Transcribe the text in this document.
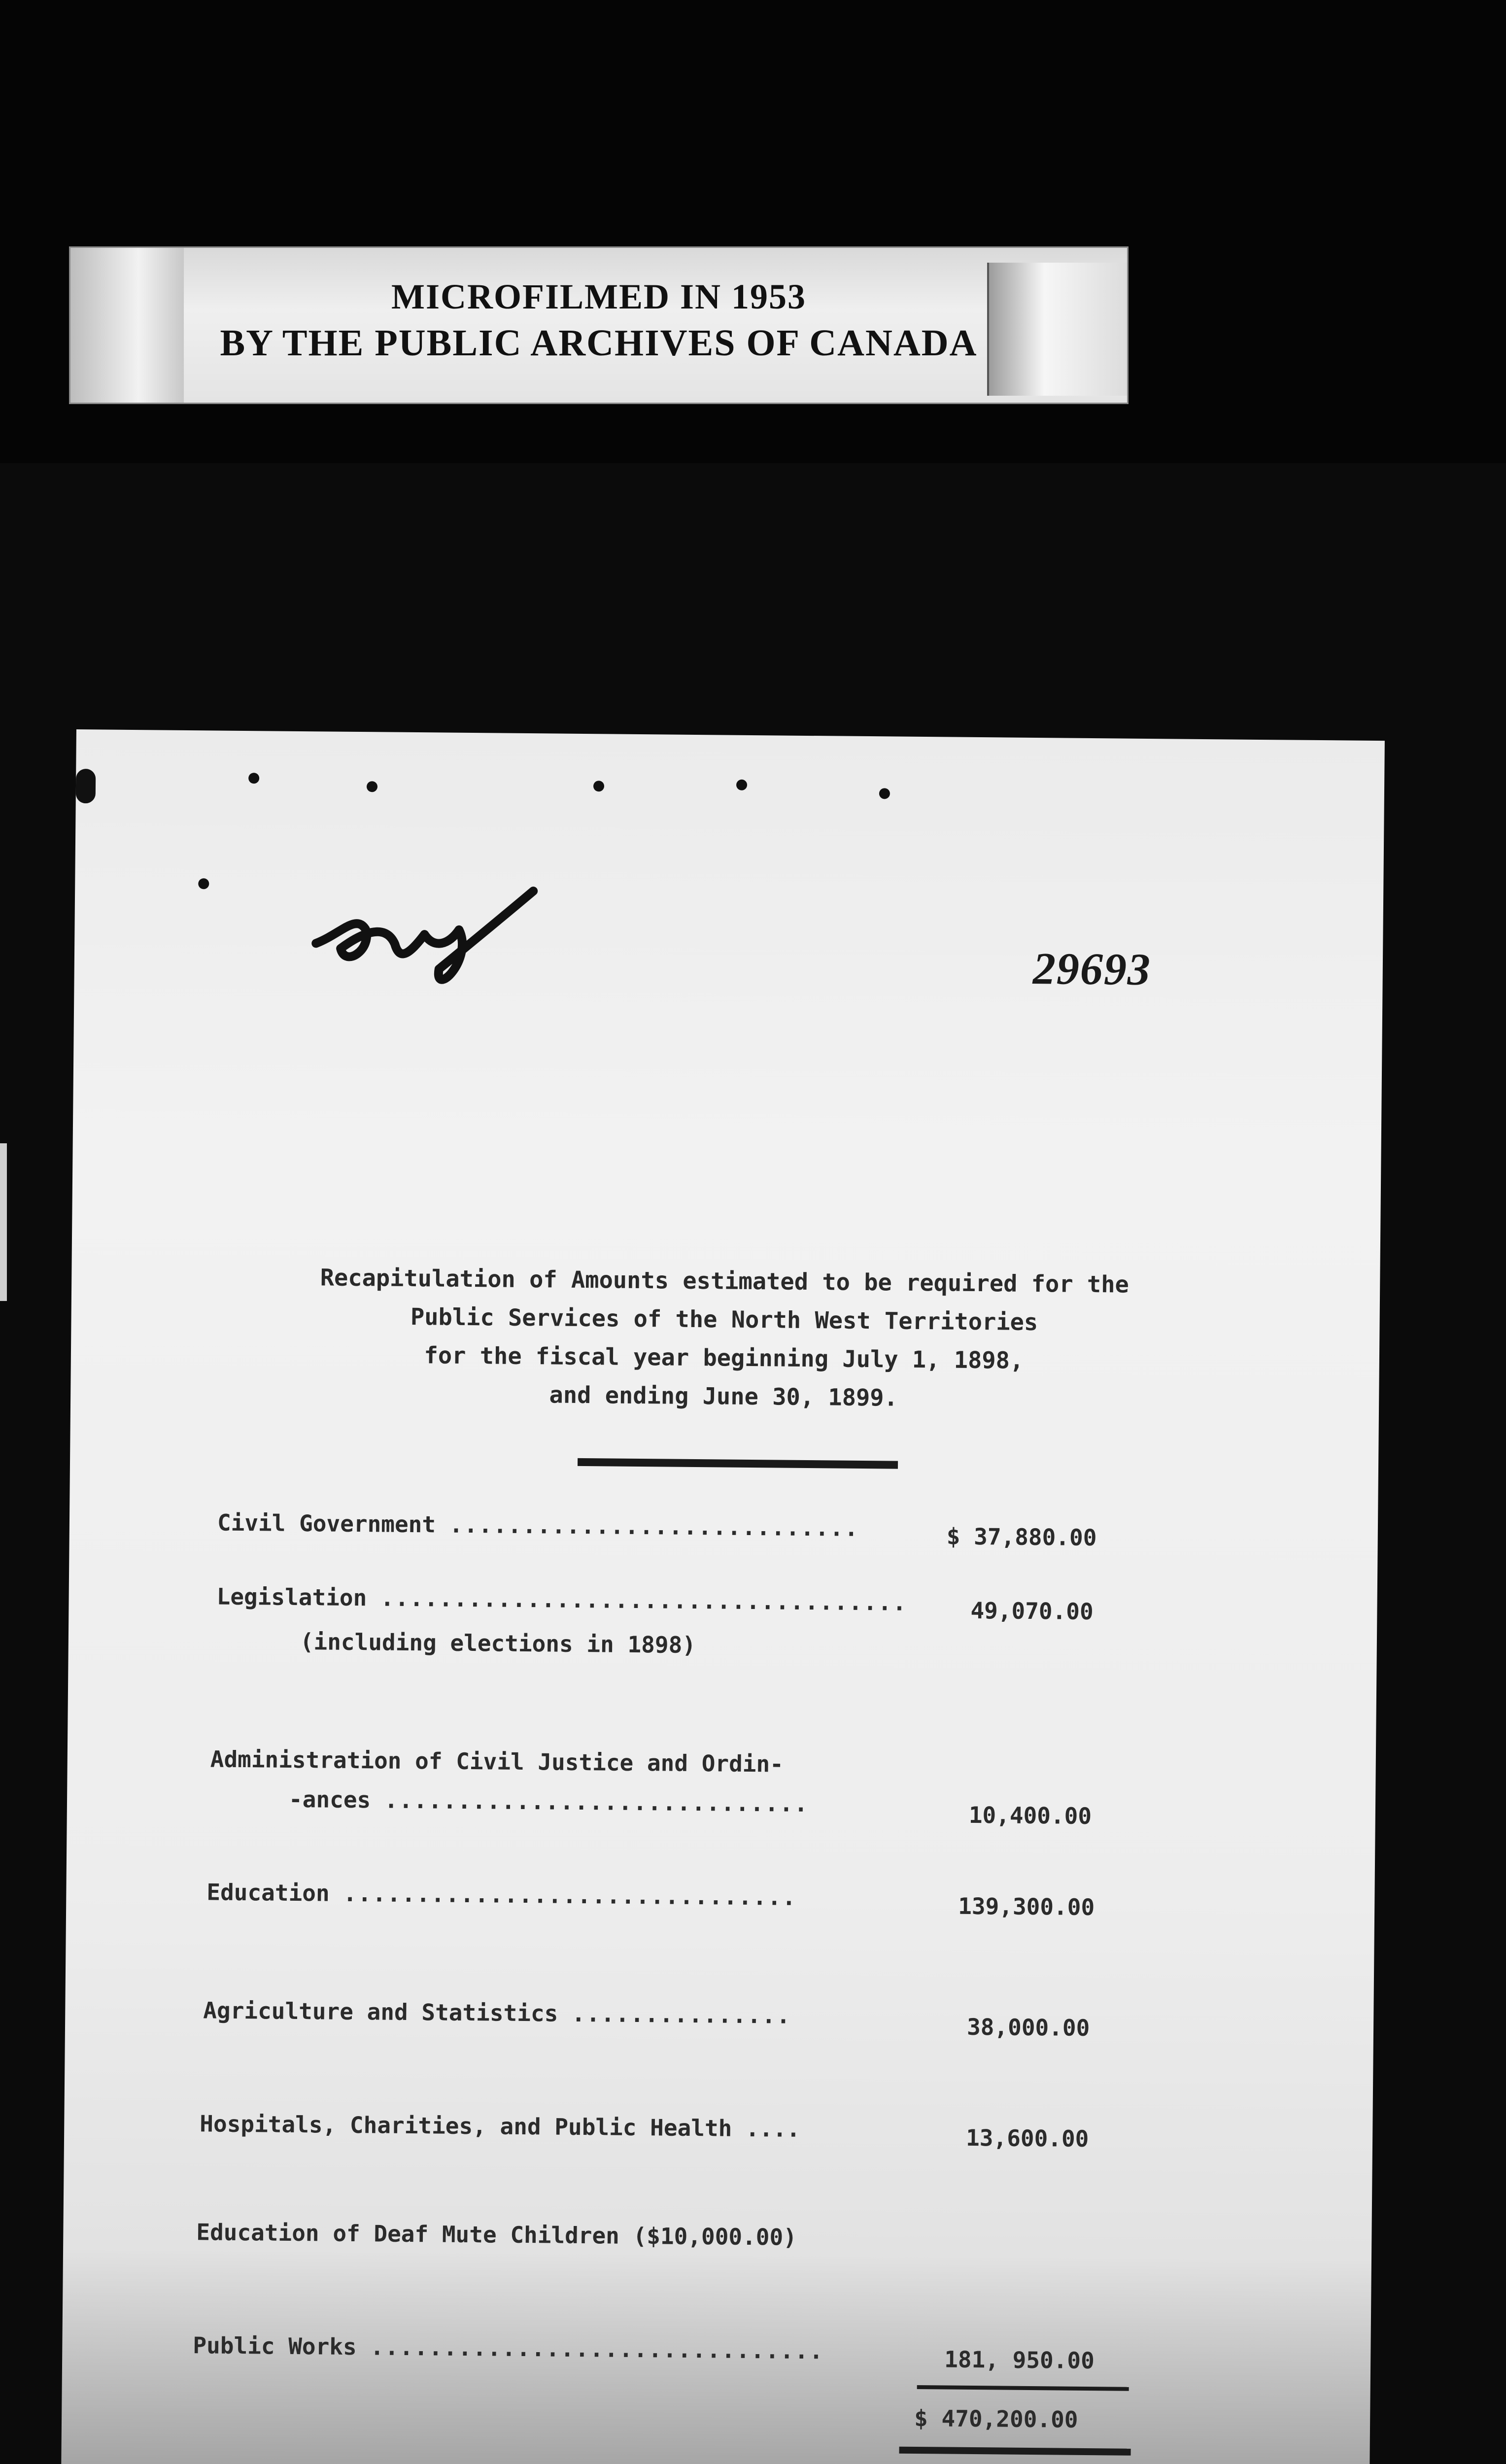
MICROFILMED IN 1953
BY THE PUBLIC ARCHIVES OF CANADA
29693
Recapitulation of Amounts estimated to be required for the
Public Services of the North West Territories
for the fiscal year beginning July 1, 1898,
and ending June 30, 1899.
Civil Government ............................	$ 37,880.00
Legislation ....................................	49,070.00
(including elections in 1898)
Administration of Civil Justice and Ordin-
-ances .............................	10,400.00
Education ...............................	139,300.00
Agriculture and Statistics ...............	38,000.00
Hospitals, Charities, and Public Health ....	13,600.00
Education of Deaf Mute Children ($10,000.00)
Public Works ...............................	181, 950.00
$ 470,200.00
